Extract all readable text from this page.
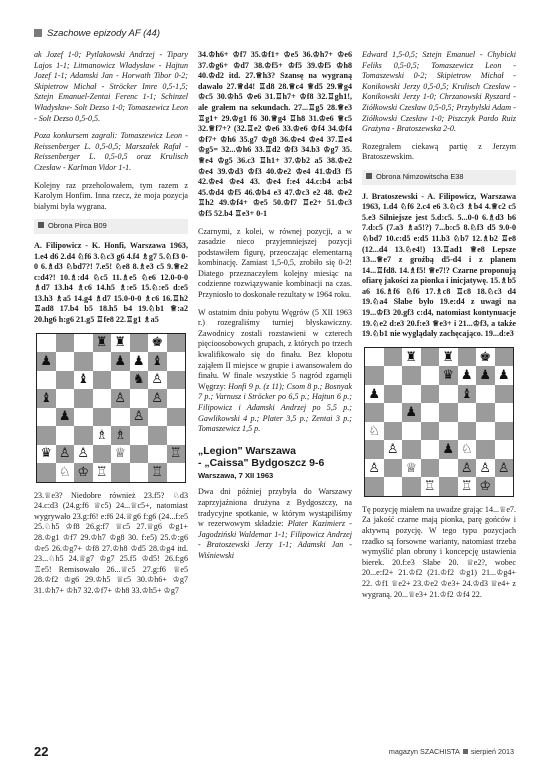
Szachowe epizody AF (44)

ak Jozef 1-0; Pytlakowski Andrzej - Tipary Lajos 1-1; Litmanowicz Władysław - Hajtun Jozef 1-1; Adamski Jan - Horwath Tibor 0-2; Skipietrow Michał - Ströcker Imre 0,5-1,5; Sztejn Emanuel-Zentai Ferenc 1-1; Schinzel Władysław- Solt Dezso 1-0; Tomaszewicz Leon - Solt Dezso 0,5-0,5.

Poza konkursem zagrali: Tomaszewicz Leon - Reissenberger L. 0,5-0,5; Marszałek Rafał - Reissenberger L. 0,5-0,5 oraz Krulisch Czesław - Karlman Vidor 1-1.

Kolejny raz przeholowałem, tym razem z Karolym Honfim. Inna rzecz, że moja pozycja białymi była wygrana.

Obrona Pirca B09

A. Filipowicz - K. Honfi, Warszawa 1963, 1.e4 d6 2.d4 ♘f6 3.♘c3 g6 4.f4 ♗g7 5.♘f3 0-0 6.♗d3 ♘bd7?! 7.e5! ♘e8 8.♗e3 c5 9.♕e2 c:d4?! 10.♗:d4 ♘c5 11.♗e5 ♘e6 12.0-0-0 ♗d7 13.h4 ♗c6 14.h5 ♗:e5 15.♘:e5 d:e5 13.h3 ♗a5 14.g4 ♗d7 15.0-0-0 ♗c6 16.♖h2 ♖ad8 17.b4 b5 18.h5 b4 19.♘b1 ♕:a2 20.hg6 h:g6 21.g5 ♖fe8 22.♖g1 ♗a5

♜ ♜ ♚
♟	♟ ♟ ♝
♝	♞ ♙
♝	♙ ♙
♟	♙
♗ ♗
♛ ♙ ♙ ♕	♖
♘ ♔ ♖	♖

23.♕e3? Niedobre również 23.f5? ♘d3 24.c:d3 (24.g:f6 ♕c5) 24...♕c5+, natomiast wygrywało 23.g:f6! e:f6 24.♕g6 f:g6 (24...f:e5 25.♘h5 ♔f8 26.g:f7 ♕c5 27.♕g6 ♔g1+ 28.♔g1 ♔f7 29.♔h7 ♔g8 30. f:e5) 25.♔:g6 ♔e5 26.♔g7+ ♔f8 27.♔h8 ♔d5 28.♔g4 itd. 23...♘h5 24.♕g7 ♔g7 25.f5 ♔d5! 26.f:g6 ♖e5! Remisowało 26...♕c5 27.g:f6 ♕e5 28.♔f2 ♔g6 29.♔h5 ♕c5 30.♔h6+ ♔g7 31.♔h7+ ♔h7 32.♔f7+ ♔h8 33.♔h5+ ♔g7

34.♔h6+ ♔f7 35.♔f1+ ♔e5 36.♔h7+ ♔e6 37.♔g6+ ♔d7 38.♔f5+ ♔f5 39.♔f5 ♔h8 40.♔d2 itd. 27.♕h3? Szansę na wygraną dawało 27.♕d4! ♖d8 28.♕c4 ♕d5 29.♕g4 ♔c5 30.♔h5 ♔e6 31.♖h7+ ♔f8 32.♖gh1!, ale grałem na sekundach. 27...♖g5 28.♕e3 ♖g1+ 29.♔g1 f6 30.♕g4 ♖h8 31.♔e6 ♕c5 32.♕f7+? (32.♖e2 ♔e6 33.♔e6 ♔f4 34.♔f4 ♔f7+ ♔h6 35.g7 ♔g8 36.♔e4 ♔e4 37.♖e4 ♔g5= 32...♔h6 33.♖d2 ♔f3 34.b3 ♔g7 35. ♕e4 ♔g5 36.c3 ♖h1+ 37.♔b2 a5 38.♔e2 ♔e4 39.♔d3 ♔f3 40.♔e2 ♔e4 41.♔d3 f5 42.♔e4 ♔e4 43. ♔e4 f:e4 44.c:b4 a:b4 45.♔d4 ♔f5 46.♔b4 e3 47.♔c3 e2 48. ♔e2 ♖h2 49.♔f4+ ♔e5 50.♔f7 ♖e2+ 51.♔c3 ♔f5 52.b4 ♖e3+ 0-1

Czarnymi, z kolei, w równej pozycji, a w zasadzie nieco przyjemniejszej pozycji podstawiłem figurę, przeoczając elementarną kombinację. Zamiast 1,5-0,5, zrobiło się 0-2! Diatego przeznaczyłem kolejny miesiąc na codzienne rozwiązywanie kombinacji na czas. Przyniosło to doskonałe rezultaty w 1964 roku.

W ostatnim dniu pobytu Węgrów (5 XII 1963 r.) rozegraliśmy turniej błyskawiczny. Zawodnicy zostali rozstawieni w czterech pięcioosobowych grupach, z których po trzech kwalifikowało się do finału. Bez kłopotu zająłem II miejsce w grupie i awansowałem do finału. W finale wszystkie 5 nagród zgarnęli Węgrzy: Honfi 9 p. (z 11); Csom 8 p.; Bosnyak 7 p.; Varnusz i Ströcker po 6,5 p.; Hajtun 6 p.; Filipowicz i Adamski Andrzej po 5,5 p.; Gawlikowski 4 p.; Plater 3,5 p.; Zentai 3 p.; Tomaszewicz 1,5 p.

„Legion" Warszawa
- „Caissa" Bydgoszcz 9-6
Warszawa, 7 XII 1963

Dwa dni później przybyła do Warszawy zaprzyjaźniona drużyna z Bydgoszczy, na tradycyjne spotkanie, w którym wystąpiliśmy w rezerwowym składzie: Plater Kazimierz - Jagodziński Waldemar 1-1; Filipowicz Andrzej - Bratoszewski Jerzy 1-1; Adamski Jan - Wiśniewski

Edward 1,5-0,5; Sztejn Emanuel - Chybicki Feliks 0,5-0,5; Tomaszewicz Leon - Tomaszewski 0-2; Skipietrow Michał - Konikowski Jerzy 0,5-0,5; Krulisch Czesław - Konikowski Jerzy 1-0; Chrzanowski Ryszard - Ziółkowski Czesław 0,5-0,5; Przybylski Adam - Ziółkowski Czesław 1-0; Piszczyk Pardo Ruiz Grażyna - Bratoszewska 2-0.

Rozegrałem ciekawą partię z Jerzym Bratoszewskim.

Obrona Nimzowitscha E38

J. Bratoszewski - A. Filipowicz, Warszawa 1963, 1.d4 ♘f6 2.c4 e6 3.♘c3 ♗b4 4.♕c2 c5 5.e3 Silniejsze jest 5.d:c5. 5...0-0 6.♗d3 b6 7.d:c5 (7.a3 ♗a5!?) 7...b:c5 8.♘f3 d5 9.0-0 ♘bd7 10.c:d5 e:d5 11.b3 ♘b7 12.♗b2 ♖e8 (12...d4 13.♘e4!) 13.♖ad1 ♕e8 Lepsze 13...♕e7 z groźbą d5-d4 i z planem 14...♖fd8. 14.♗f5! ♕e7!? Czarne proponują ofiarę jakości za pionka i inicjatywę. 15.♗b5 a6 16.♗f6 ♘f6 17.♗c8 ♖c8 18.♘c3 d4 19.♘a4 Słabe było 19.e:d4 z uwagi na 19...♔f3 20.gf3 c:d4, natomiast kontynuacje 19.♘e2 d:e3 20.f:e3 ♕e3+ i 21...♔f3, a także 19.♘b1 nie wyglądały zachęcająco. 19...d:e3

♜ ♜ ♚
♛ ♟ ♟ ♟
♟	♝
♟
♘
♙	♟ ♘
♙ ♕	♙ ♙ ♙
♖ ♖ ♔

Tę pozycję miałem na uwadze grając 14...♕e7. Za jakość czarne mają pionka, parę gońców i aktywną pozycję. W tego typu pozycjach rzadko są forsowne warianty, natomiast trzeba wymyślić plan obrony i koncepcję ustawienia bierek. 20.f:e3 Słabe 20. ♕e2?, wobec 20...e:f2+ 21.♔f2 (21.♔f2 ♔g1) 21...♔g4+ 22. ♔f1 ♕e2+ 23.♔e2 ♔e3+ 24.♔d3 ♕e4+ z wygraną. 20...♕e3+ 21.♔f2 ♔f4 22.

22	magazyn SZACHISTA sierpień 2013
